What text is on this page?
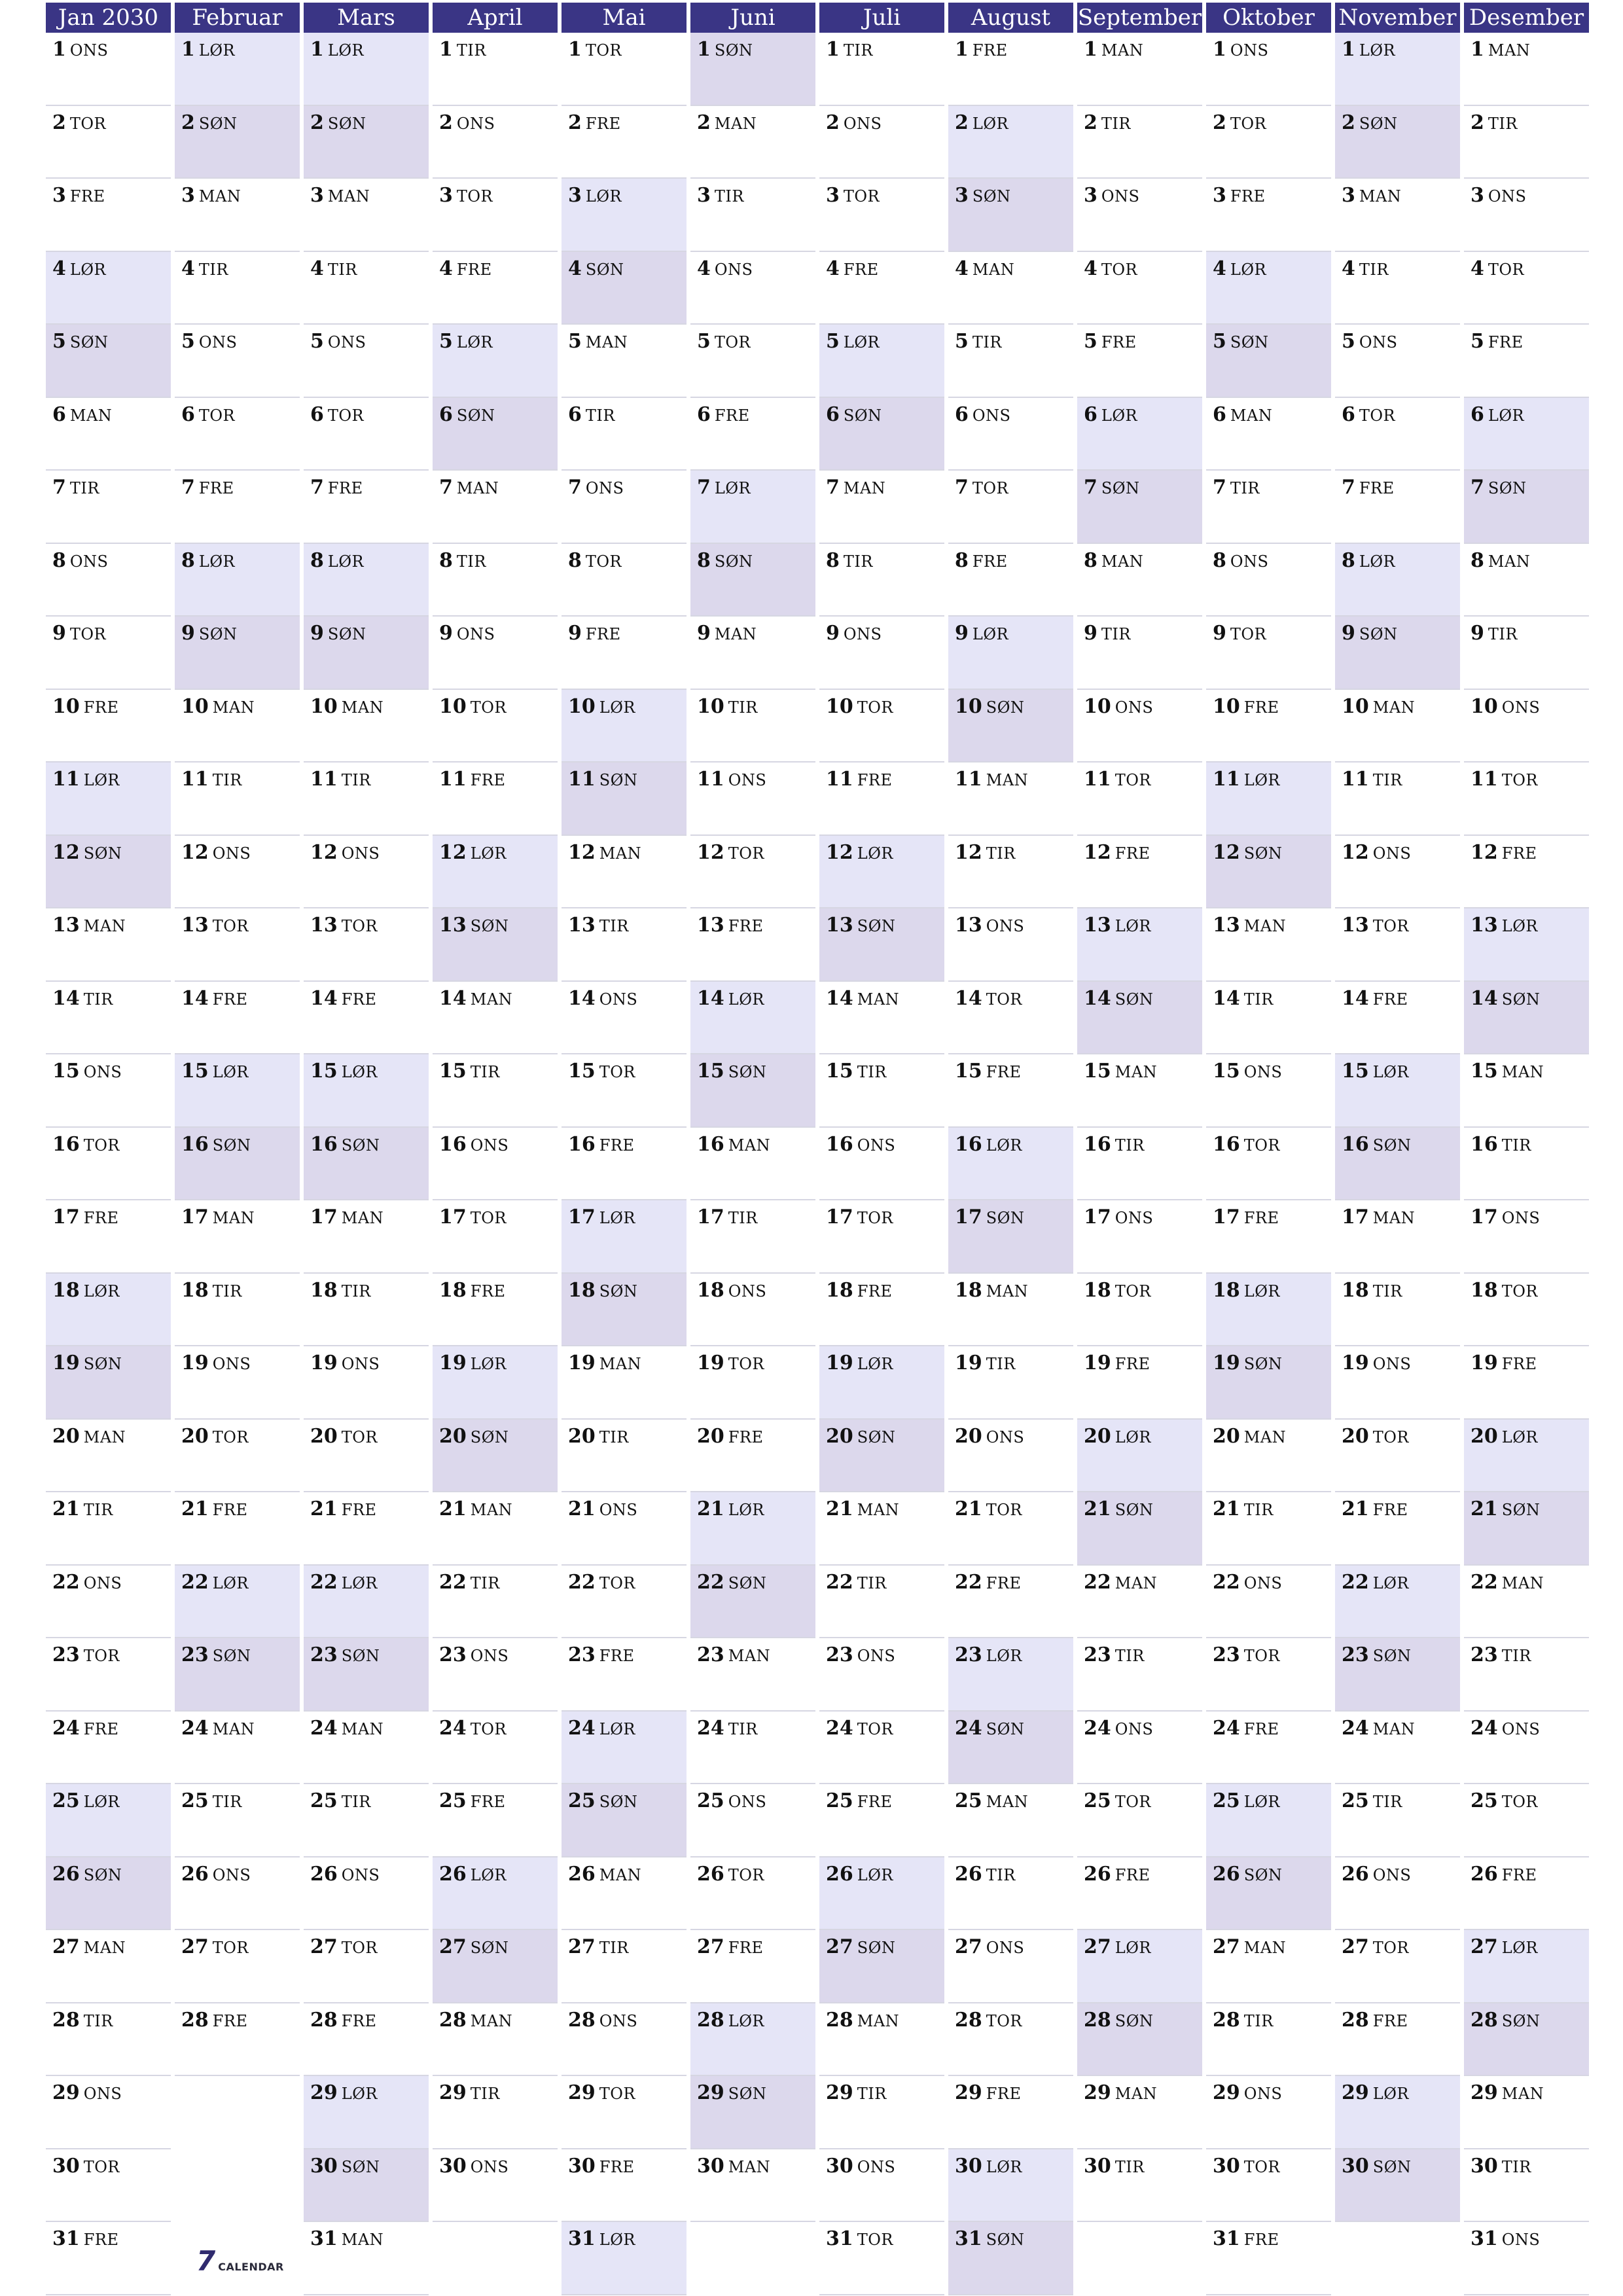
Jan 2030
1 ONS
2 TOR
3 FRE
4 LØR
5 SØN
6 MAN
7 TIR
8 ONS
9 TOR
10 FRE
11 LØR
12 SØN
13 MAN
14 TIR
15 ONS
16 TOR
17 FRE
18 LØR
19 SØN
20 MAN
21 TIR
22 ONS
23 TOR
24 FRE
25 LØR
26 SØN
27 MAN
28 TIR
29 ONS
30 TOR
31 FRE
Februar
1 LØR
2 SØN
3 MAN
4 TIR
5 ONS
6 TOR
7 FRE
8 LØR
9 SØN
10 MAN
11 TIR
12 ONS
13 TOR
14 FRE
15 LØR
16 SØN
17 MAN
18 TIR
19 ONS
20 TOR
21 FRE
22 LØR
23 SØN
24 MAN
25 TIR
26 ONS
27 TOR
28 FRE
Mars
1 LØR
2 SØN
3 MAN
4 TIR
5 ONS
6 TOR
7 FRE
8 LØR
9 SØN
10 MAN
11 TIR
12 ONS
13 TOR
14 FRE
15 LØR
16 SØN
17 MAN
18 TIR
19 ONS
20 TOR
21 FRE
22 LØR
23 SØN
24 MAN
25 TIR
26 ONS
27 TOR
28 FRE
29 LØR
30 SØN
31 MAN
April
1 TIR
2 ONS
3 TOR
4 FRE
5 LØR
6 SØN
7 MAN
8 TIR
9 ONS
10 TOR
11 FRE
12 LØR
13 SØN
14 MAN
15 TIR
16 ONS
17 TOR
18 FRE
19 LØR
20 SØN
21 MAN
22 TIR
23 ONS
24 TOR
25 FRE
26 LØR
27 SØN
28 MAN
29 TIR
30 ONS
Mai
1 TOR
2 FRE
3 LØR
4 SØN
5 MAN
6 TIR
7 ONS
8 TOR
9 FRE
10 LØR
11 SØN
12 MAN
13 TIR
14 ONS
15 TOR
16 FRE
17 LØR
18 SØN
19 MAN
20 TIR
21 ONS
22 TOR
23 FRE
24 LØR
25 SØN
26 MAN
27 TIR
28 ONS
29 TOR
30 FRE
31 LØR
Juni
1 SØN
2 MAN
3 TIR
4 ONS
5 TOR
6 FRE
7 LØR
8 SØN
9 MAN
10 TIR
11 ONS
12 TOR
13 FRE
14 LØR
15 SØN
16 MAN
17 TIR
18 ONS
19 TOR
20 FRE
21 LØR
22 SØN
23 MAN
24 TIR
25 ONS
26 TOR
27 FRE
28 LØR
29 SØN
30 MAN
Juli
1 TIR
2 ONS
3 TOR
4 FRE
5 LØR
6 SØN
7 MAN
8 TIR
9 ONS
10 TOR
11 FRE
12 LØR
13 SØN
14 MAN
15 TIR
16 ONS
17 TOR
18 FRE
19 LØR
20 SØN
21 MAN
22 TIR
23 ONS
24 TOR
25 FRE
26 LØR
27 SØN
28 MAN
29 TIR
30 ONS
31 TOR
August
1 FRE
2 LØR
3 SØN
4 MAN
5 TIR
6 ONS
7 TOR
8 FRE
9 LØR
10 SØN
11 MAN
12 TIR
13 ONS
14 TOR
15 FRE
16 LØR
17 SØN
18 MAN
19 TIR
20 ONS
21 TOR
22 FRE
23 LØR
24 SØN
25 MAN
26 TIR
27 ONS
28 TOR
29 FRE
30 LØR
31 SØN
September
1 MAN
2 TIR
3 ONS
4 TOR
5 FRE
6 LØR
7 SØN
8 MAN
9 TIR
10 ONS
11 TOR
12 FRE
13 LØR
14 SØN
15 MAN
16 TIR
17 ONS
18 TOR
19 FRE
20 LØR
21 SØN
22 MAN
23 TIR
24 ONS
25 TOR
26 FRE
27 LØR
28 SØN
29 MAN
30 TIR
Oktober
1 ONS
2 TOR
3 FRE
4 LØR
5 SØN
6 MAN
7 TIR
8 ONS
9 TOR
10 FRE
11 LØR
12 SØN
13 MAN
14 TIR
15 ONS
16 TOR
17 FRE
18 LØR
19 SØN
20 MAN
21 TIR
22 ONS
23 TOR
24 FRE
25 LØR
26 SØN
27 MAN
28 TIR
29 ONS
30 TOR
31 FRE
November
1 LØR
2 SØN
3 MAN
4 TIR
5 ONS
6 TOR
7 FRE
8 LØR
9 SØN
10 MAN
11 TIR
12 ONS
13 TOR
14 FRE
15 LØR
16 SØN
17 MAN
18 TIR
19 ONS
20 TOR
21 FRE
22 LØR
23 SØN
24 MAN
25 TIR
26 ONS
27 TOR
28 FRE
29 LØR
30 SØN
Desember
1 MAN
2 TIR
3 ONS
4 TOR
5 FRE
6 LØR
7 SØN
8 MAN
9 TIR
10 ONS
11 TOR
12 FRE
13 LØR
14 SØN
15 MAN
16 TIR
17 ONS
18 TOR
19 FRE
20 LØR
21 SØN
22 MAN
23 TIR
24 ONS
25 TOR
26 FRE
27 LØR
28 SØN
29 MAN
30 TIR
31 ONS
7 CALENDAR
